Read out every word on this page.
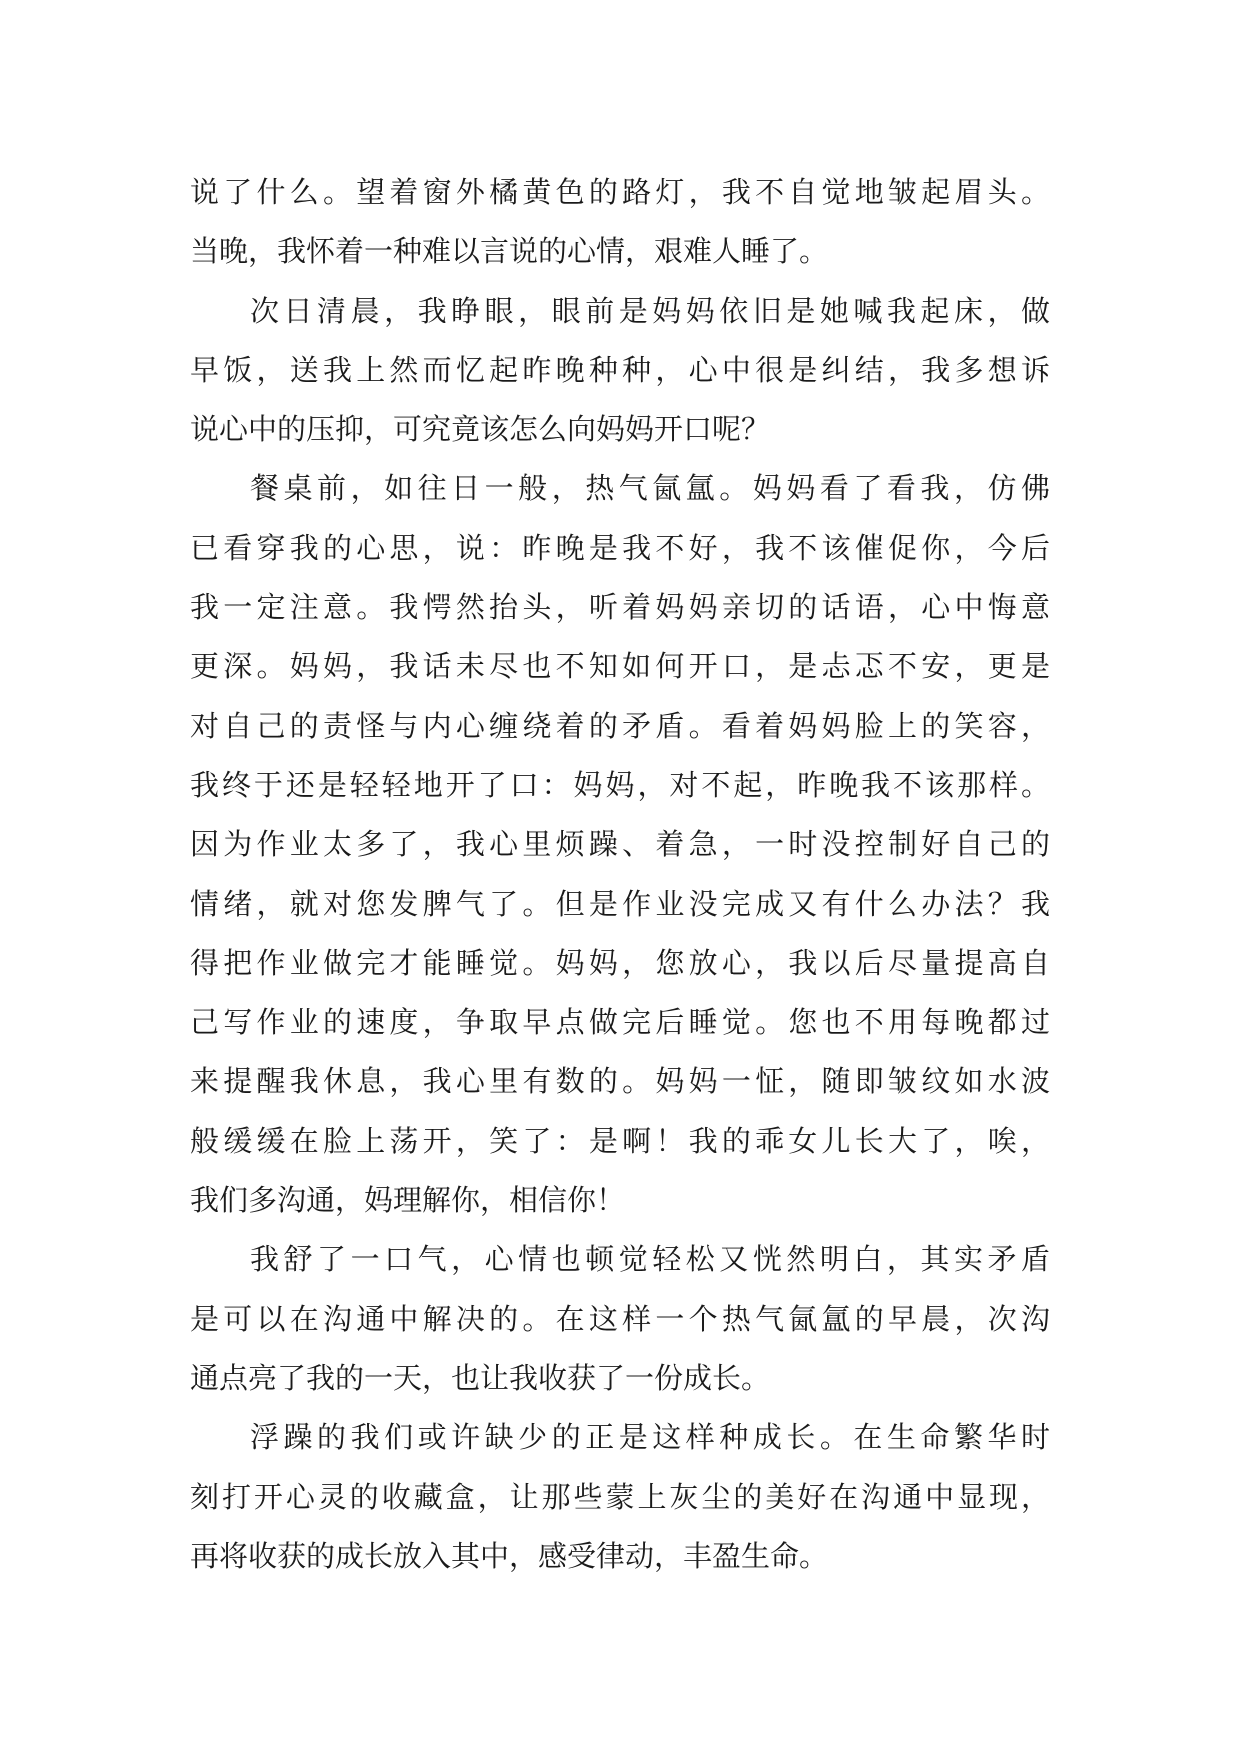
说了什么。望着窗外橘黄色的路灯，我不自觉地皱起眉头。
当晚，我怀着一种难以言说的心情，艰难人睡了。
次日清晨，我睁眼，眼前是妈妈依旧是她喊我起床，做
早饭，送我上然而忆起昨晚种种，心中很是纠结，我多想诉
说心中的压抑，可究竟该怎么向妈妈开口呢？
餐桌前，如往日一般，热气氤氲。妈妈看了看我，仿佛
已看穿我的心思，说：昨晚是我不好，我不该催促你，今后
我一定注意。我愕然抬头，听着妈妈亲切的话语，心中悔意
更深。妈妈，我话未尽也不知如何开口，是忐忑不安，更是
对自己的责怪与内心缠绕着的矛盾。看着妈妈脸上的笑容，
我终于还是轻轻地开了口：妈妈，对不起，昨晚我不该那样。
因为作业太多了，我心里烦躁、着急，一时没控制好自己的
情绪，就对您发脾气了。但是作业没完成又有什么办法？我
得把作业做完才能睡觉。妈妈，您放心，我以后尽量提高自
己写作业的速度，争取早点做完后睡觉。您也不用每晚都过
来提醒我休息，我心里有数的。妈妈一怔，随即皱纹如水波
般缓缓在脸上荡开，笑了：是啊！我的乖女儿长大了，唉，
我们多沟通，妈理解你，相信你！
我舒了一口气，心情也顿觉轻松又恍然明白，其实矛盾
是可以在沟通中解决的。在这样一个热气氤氲的早晨，次沟
通点亮了我的一天，也让我收获了一份成长。
浮躁的我们或许缺少的正是这样种成长。在生命繁华时
刻打开心灵的收藏盒，让那些蒙上灰尘的美好在沟通中显现，
再将收获的成长放入其中，感受律动，丰盈生命。
